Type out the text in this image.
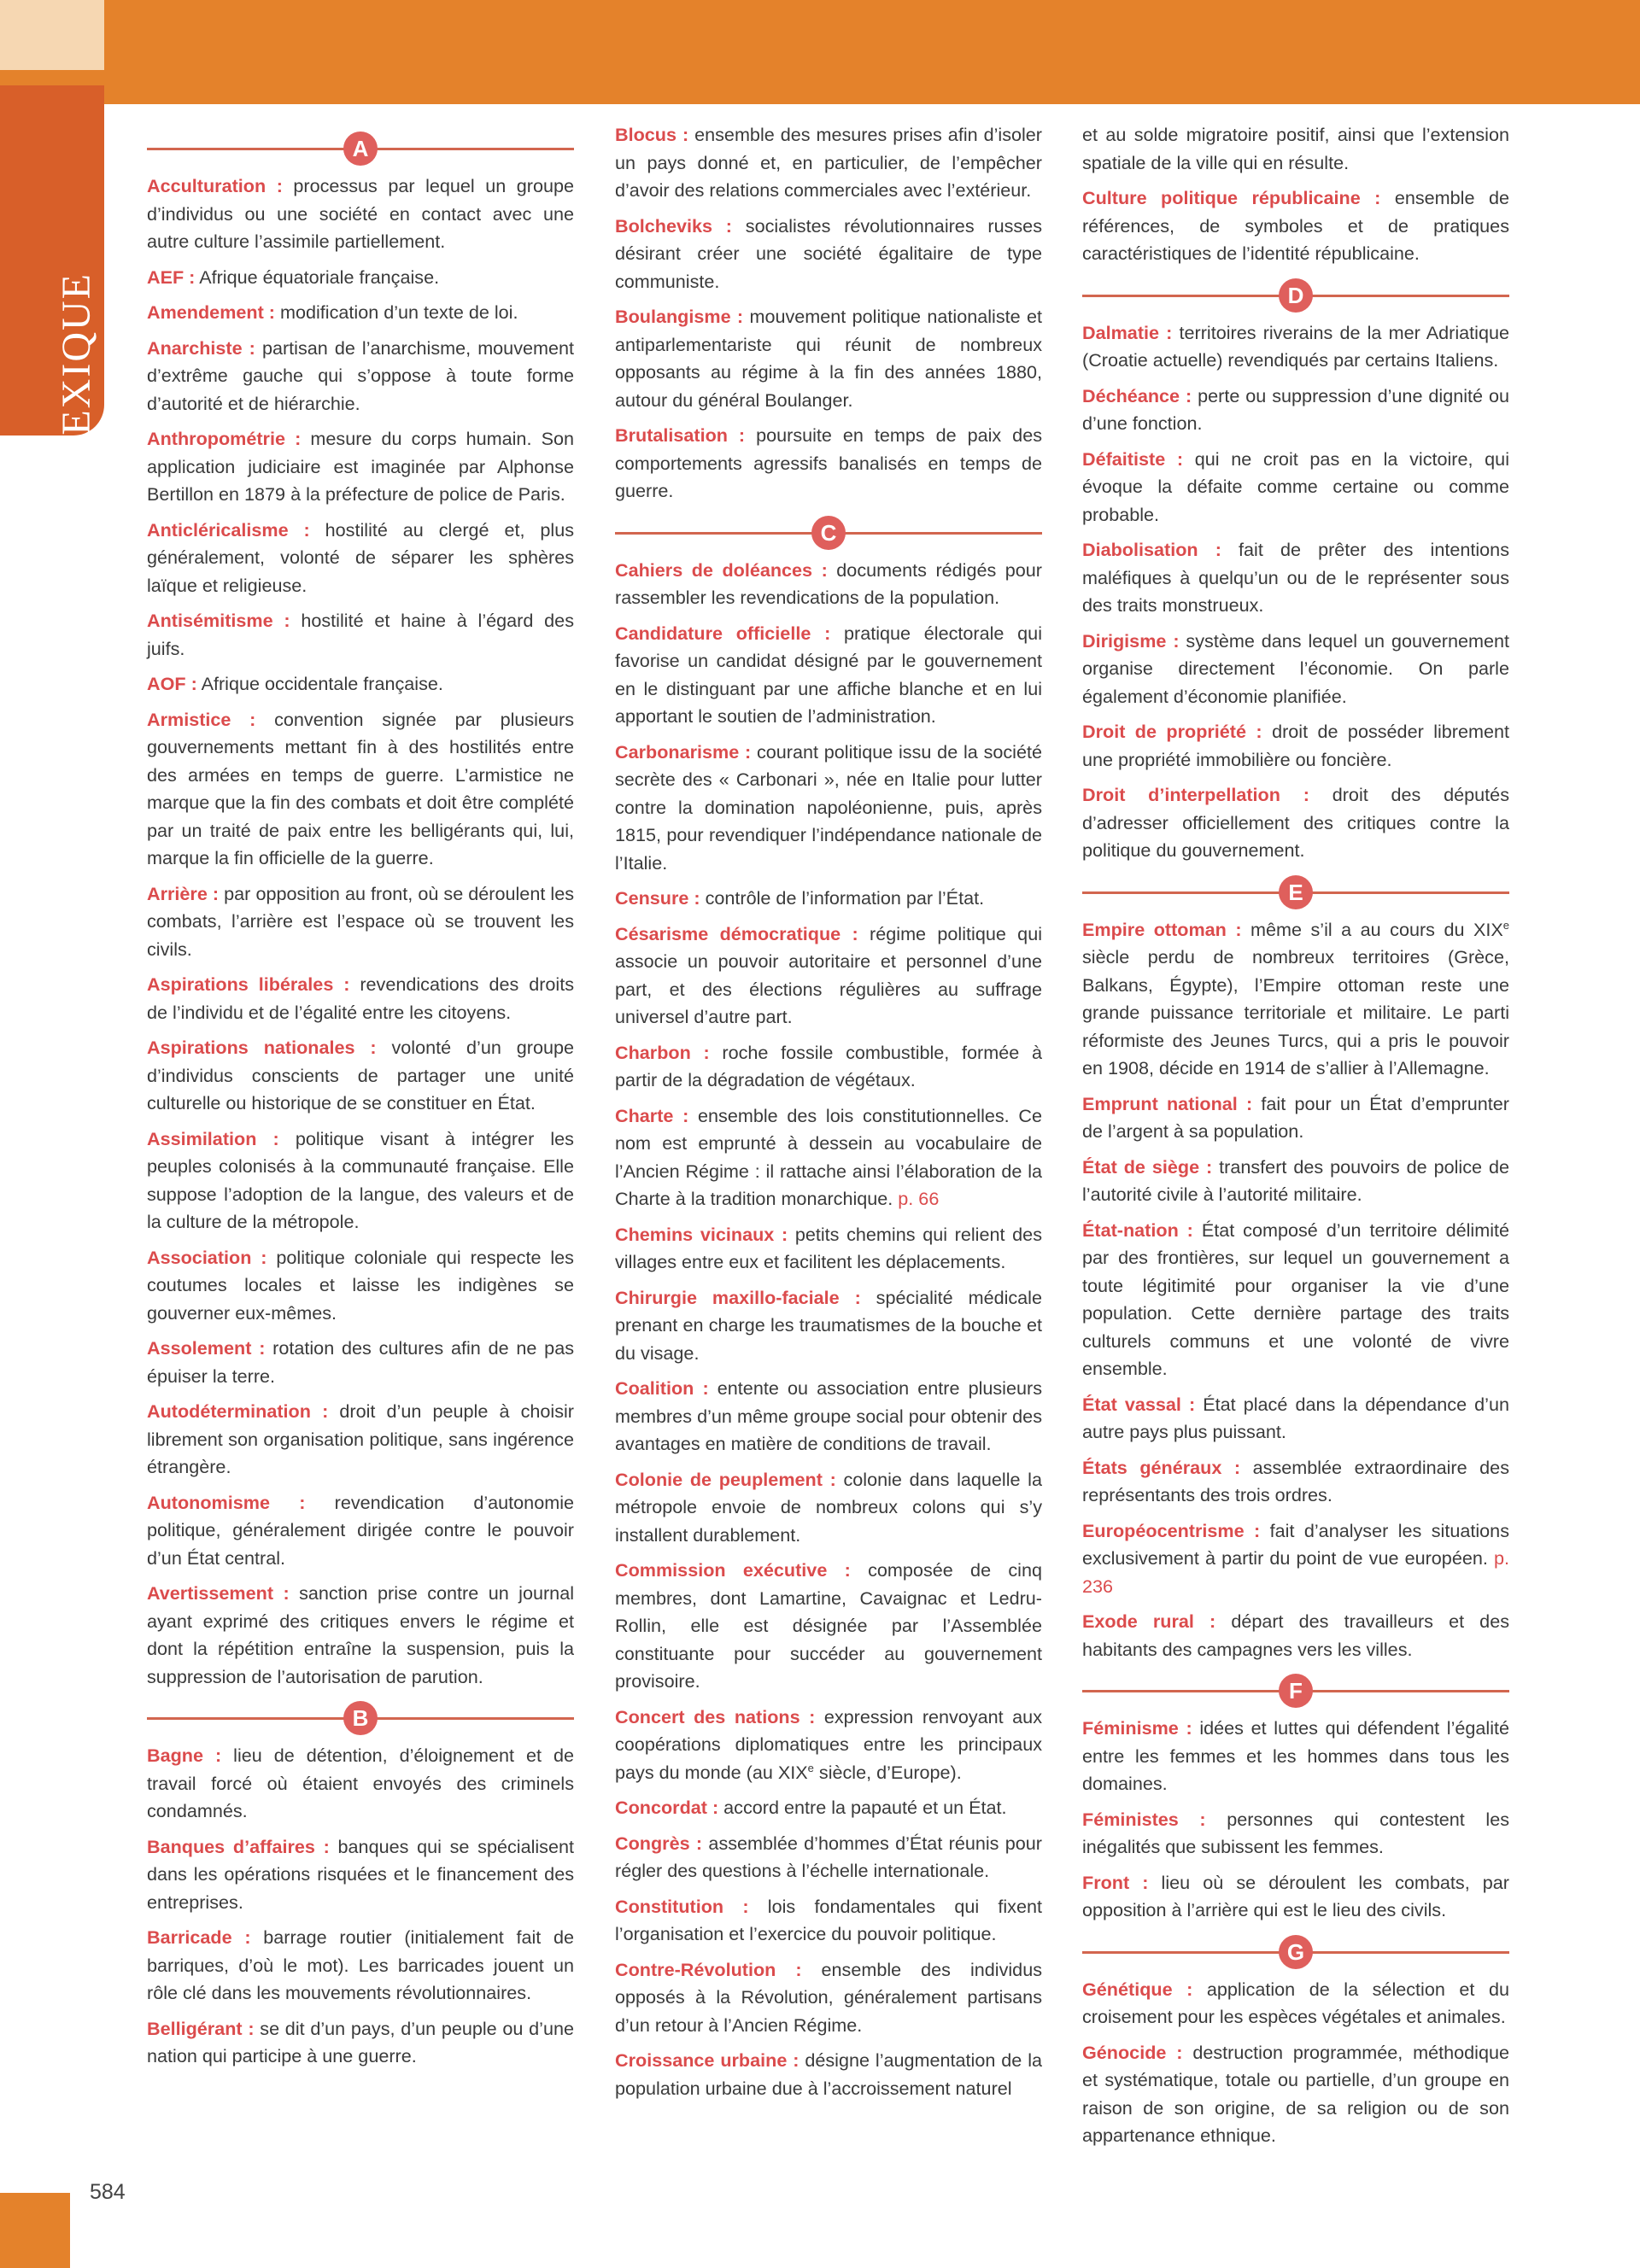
LEXIQUE
A

Acculturation : processus par lequel un groupe d’individus ou une société en contact avec une autre culture l’assimile partiellement.

AEF : Afrique équatoriale française.

Amendement : modification d’un texte de loi.

Anarchiste : partisan de l’anarchisme, mouvement d’extrême gauche qui s’oppose à toute forme d’autorité et de hiérarchie.

Anthropométrie : mesure du corps humain. Son application judiciaire est imaginée par Alphonse Bertillon en 1879 à la préfecture de police de Paris.

Anticléricalisme : hostilité au clergé et, plus généralement, volonté de séparer les sphères laïque et religieuse.

Antisémitisme : hostilité et haine à l’égard des juifs.

AOF : Afrique occidentale française.

Armistice : convention signée par plusieurs gouvernements mettant fin à des hostilités entre des armées en temps de guerre. L’armistice ne marque que la fin des combats et doit être complété par un traité de paix entre les belligérants qui, lui, marque la fin officielle de la guerre.

Arrière : par opposition au front, où se déroulent les combats, l’arrière est l’espace où se trouvent les civils.

Aspirations libérales : revendications des droits de l’individu et de l’égalité entre les citoyens.

Aspirations nationales : volonté d’un groupe d’individus conscients de partager une unité culturelle ou historique de se constituer en État.

Assimilation : politique visant à intégrer les peuples colonisés à la communauté française. Elle suppose l’adoption de la langue, des valeurs et de la culture de la métropole.

Association : politique coloniale qui respecte les coutumes locales et laisse les indigènes se gouverner eux-mêmes.

Assolement : rotation des cultures afin de ne pas épuiser la terre.

Autodétermination : droit d’un peuple à choisir librement son organisation politique, sans ingérence étrangère.

Autonomisme : revendication d’autonomie politique, généralement dirigée contre le pouvoir d’un État central.

Avertissement : sanction prise contre un journal ayant exprimé des critiques envers le régime et dont la répétition entraîne la suspension, puis la suppression de l’autorisation de parution.

B

Bagne : lieu de détention, d’éloignement et de travail forcé où étaient envoyés des criminels condamnés.

Banques d’affaires : banques qui se spécialisent dans les opérations risquées et le financement des entreprises.

Barricade : barrage routier (initialement fait de barriques, d’où le mot). Les barricades jouent un rôle clé dans les mouvements révolutionnaires.

Belligérant : se dit d’un pays, d’un peuple ou d’une nation qui participe à une guerre.

Blocus : ensemble des mesures prises afin d’isoler un pays donné et, en particulier, de l’empêcher d’avoir des relations commerciales avec l’extérieur.

Bolcheviks : socialistes révolutionnaires russes désirant créer une société égalitaire de type communiste.

Boulangisme : mouvement politique nationaliste et antiparlementariste qui réunit de nombreux opposants au régime à la fin des années 1880, autour du général Boulanger.

Brutalisation : poursuite en temps de paix des comportements agressifs banalisés en temps de guerre.

C

Cahiers de doléances : documents rédigés pour rassembler les revendications de la population.

Candidature officielle : pratique électorale qui favorise un candidat désigné par le gouvernement en le distinguant par une affiche blanche et en lui apportant le soutien de l’administration.

Carbonarisme : courant politique issu de la société secrète des « Carbonari », née en Italie pour lutter contre la domination napoléonienne, puis, après 1815, pour revendiquer l’indépendance nationale de l’Italie.

Censure : contrôle de l’information par l’État.

Césarisme démocratique : régime politique qui associe un pouvoir autoritaire et personnel d’une part, et des élections régulières au suffrage universel d’autre part.

Charbon : roche fossile combustible, formée à partir de la dégradation de végétaux.

Charte : ensemble des lois constitutionnelles. Ce nom est emprunté à dessein au vocabulaire de l’Ancien Régime : il rattache ainsi l’élaboration de la Charte à la tradition monarchique. p. 66

Chemins vicinaux : petits chemins qui relient des villages entre eux et facilitent les déplacements.

Chirurgie maxillo-faciale : spécialité médicale prenant en charge les traumatismes de la bouche et du visage.

Coalition : entente ou association entre plusieurs membres d’un même groupe social pour obtenir des avantages en matière de conditions de travail.

Colonie de peuplement : colonie dans laquelle la métropole envoie de nombreux colons qui s’y installent durablement.

Commission exécutive : composée de cinq membres, dont Lamartine, Cavaignac et Ledru-Rollin, elle est désignée par l’Assemblée constituante pour succéder au gouvernement provisoire.

Concert des nations : expression renvoyant aux coopérations diplomatiques entre les principaux pays du monde (au XIXe siècle, d’Europe).

Concordat : accord entre la papauté et un État.

Congrès : assemblée d’hommes d’État réunis pour régler des questions à l’échelle internationale.

Constitution : lois fondamentales qui fixent l’organisation et l’exercice du pouvoir politique.

Contre-Révolution : ensemble des individus opposés à la Révolution, généralement partisans d’un retour à l’Ancien Régime.

Croissance urbaine : désigne l’augmentation de la population urbaine due à l’accroissement naturel

et au solde migratoire positif, ainsi que l’extension spatiale de la ville qui en résulte.

Culture politique républicaine : ensemble de références, de symboles et de pratiques caractéristiques de l’identité républicaine.

D

Dalmatie : territoires riverains de la mer Adriatique (Croatie actuelle) revendiqués par certains Italiens.

Déchéance : perte ou suppression d’une dignité ou d’une fonction.

Défaitiste : qui ne croit pas en la victoire, qui évoque la défaite comme certaine ou comme probable.

Diabolisation : fait de prêter des intentions maléfiques à quelqu’un ou de le représenter sous des traits monstrueux.

Dirigisme : système dans lequel un gouvernement organise directement l’économie. On parle également d’économie planifiée.

Droit de propriété : droit de posséder librement une propriété immobilière ou foncière.

Droit d’interpellation : droit des députés d’adresser officiellement des critiques contre la politique du gouvernement.

E

Empire ottoman : même s’il a au cours du XIXe siècle perdu de nombreux territoires (Grèce, Balkans, Égypte), l’Empire ottoman reste une grande puissance territoriale et militaire. Le parti réformiste des Jeunes Turcs, qui a pris le pouvoir en 1908, décide en 1914 de s’allier à l’Allemagne.

Emprunt national : fait pour un État d’emprunter de l’argent à sa population.

État de siège : transfert des pouvoirs de police de l’autorité civile à l’autorité militaire.

État-nation : État composé d’un territoire délimité par des frontières, sur lequel un gouvernement a toute légitimité pour organiser la vie d’une population. Cette dernière partage des traits culturels communs et une volonté de vivre ensemble.

État vassal : État placé dans la dépendance d’un autre pays plus puissant.

États généraux : assemblée extraordinaire des représentants des trois ordres.

Européocentrisme : fait d’analyser les situations exclusivement à partir du point de vue européen. p. 236

Exode rural : départ des travailleurs et des habitants des campagnes vers les villes.

F

Féminisme : idées et luttes qui défendent l’égalité entre les femmes et les hommes dans tous les domaines.

Féministes : personnes qui contestent les inégalités que subissent les femmes.

Front : lieu où se déroulent les combats, par opposition à l’arrière qui est le lieu des civils.

G

Génétique : application de la sélection et du croisement pour les espèces végétales et animales.

Génocide : destruction programmée, méthodique et systématique, totale ou partielle, d’un groupe en raison de son origine, de sa religion ou de son appartenance ethnique.

584
